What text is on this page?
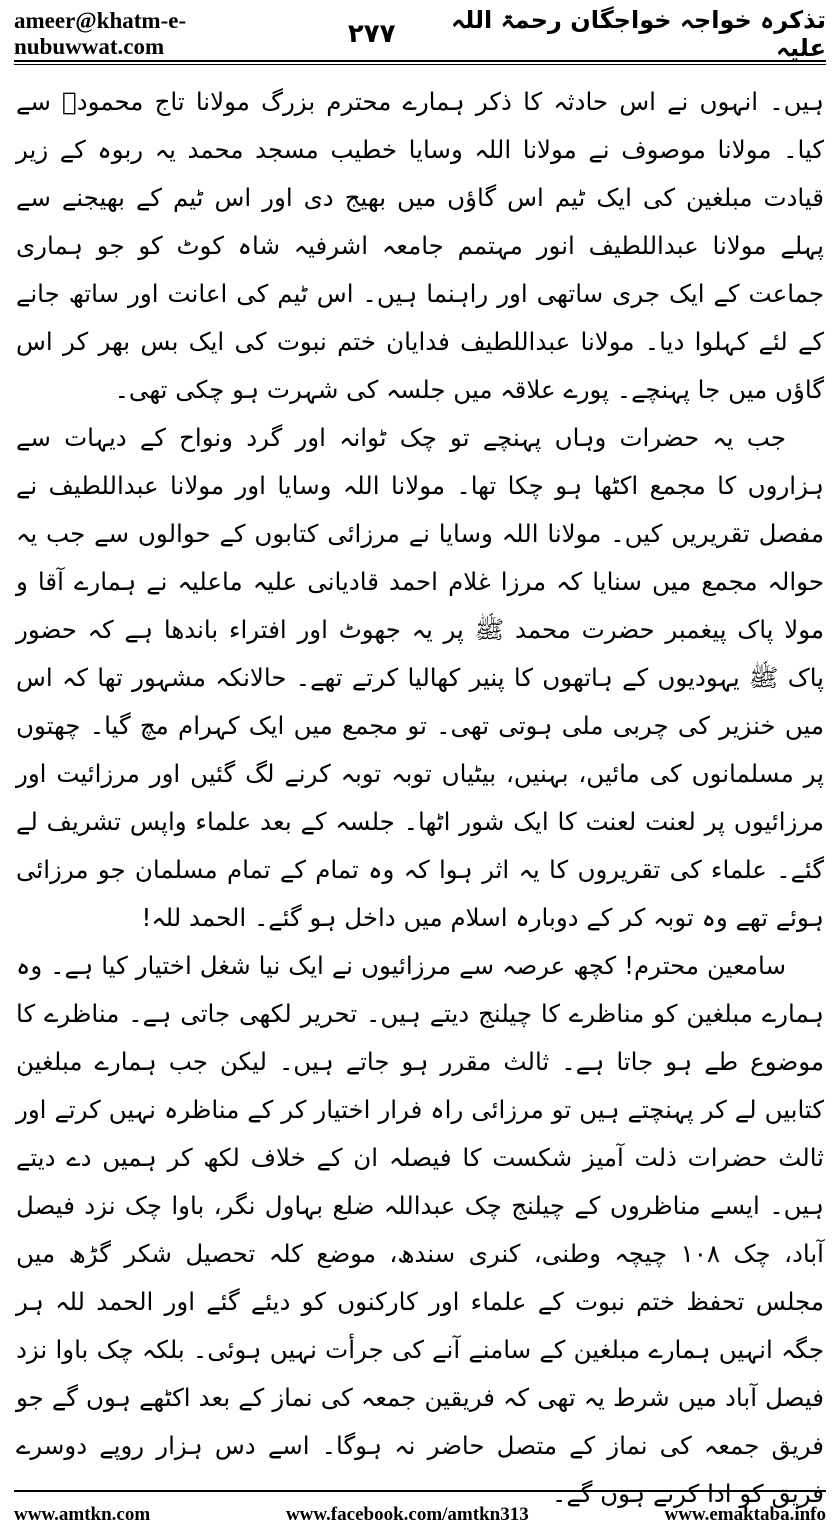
ameer@khatm-e-nubuwwat.com	۲۷۷	تذکرہ خواجہ خواجگان رحمۃ اللہ علیہ

ہیں۔ انہوں نے اس حادثہ کا ذکر ہمارے محترم بزرگ مولانا تاج محمودؒ سے کیا۔ مولانا موصوف نے مولانا اللہ وسایا خطیب مسجد محمد یہ ربوہ کے زیر قیادت مبلغین کی ایک ٹیم اس گاؤں میں بھیج دی اور اس ٹیم کے بھیجنے سے پہلے مولانا عبداللطیف انور مہتمم جامعہ اشرفیہ شاہ کوٹ کو جو ہماری جماعت کے ایک جری ساتھی اور راہنما ہیں۔ اس ٹیم کی اعانت اور ساتھ جانے کے لئے کہلوا دیا۔ مولانا عبداللطیف فدایان ختم نبوت کی ایک بس بھر کر اس گاؤں میں جا پہنچے۔ پورے علاقہ میں جلسہ کی شہرت ہو چکی تھی۔

جب یہ حضرات وہاں پہنچے تو چک ٹوانہ اور گرد ونواح کے دیہات سے ہزاروں کا مجمع اکٹھا ہو چکا تھا۔ مولانا اللہ وسایا اور مولانا عبداللطیف نے مفصل تقریریں کیں۔ مولانا اللہ وسایا نے مرزائی کتابوں کے حوالوں سے جب یہ حوالہ مجمع میں سنایا کہ مرزا غلام احمد قادیانی علیہ ماعلیہ نے ہمارے آقا و مولا پاک پیغمبر حضرت محمد ﷺ پر یہ جھوٹ اور افتراء باندھا ہے کہ حضور پاک ﷺ یہودیوں کے ہاتھوں کا پنیر کھالیا کرتے تھے۔ حالانکہ مشہور تھا کہ اس میں خنزیر کی چربی ملی ہوتی تھی۔ تو مجمع میں ایک کہرام مچ گیا۔ چھتوں پر مسلمانوں کی مائیں، بہنیں، بیٹیاں توبہ توبہ کرنے لگ گئیں اور مرزائیت اور مرزائیوں پر لعنت لعنت کا ایک شور اٹھا۔ جلسہ کے بعد علماء واپس تشریف لے گئے۔ علماء کی تقریروں کا یہ اثر ہوا کہ وہ تمام کے تمام مسلمان جو مرزائی ہوئے تھے وہ توبہ کر کے دوبارہ اسلام میں داخل ہو گئے۔ الحمد للہ!

سامعین محترم! کچھ عرصہ سے مرزائیوں نے ایک نیا شغل اختیار کیا ہے۔ وہ ہمارے مبلغین کو مناظرے کا چیلنج دیتے ہیں۔ تحریر لکھی جاتی ہے۔ مناظرے کا موضوع طے ہو جاتا ہے۔ ثالث مقرر ہو جاتے ہیں۔ لیکن جب ہمارے مبلغین کتابیں لے کر پہنچتے ہیں تو مرزائی راہ فرار اختیار کر کے مناظرہ نہیں کرتے اور ثالث حضرات ذلت آمیز شکست کا فیصلہ ان کے خلاف لکھ کر ہمیں دے دیتے ہیں۔ ایسے مناظروں کے چیلنج چک عبداللہ ضلع بہاول نگر، باوا چک نزد فیصل آباد، چک ۱۰۸ چیچہ وطنی، کنری سندھ، موضع کلہ تحصیل شکر گڑھ میں مجلس تحفظ ختم نبوت کے علماء اور کارکنوں کو دیئے گئے اور الحمد للہ ہر جگہ انہیں ہمارے مبلغین کے سامنے آنے کی جرأت نہیں ہوئی۔ بلکہ چک باوا نزد فیصل آباد میں شرط یہ تھی کہ فریقین جمعہ کی نماز کے بعد اکٹھے ہوں گے جو فریق جمعہ کی نماز کے متصل حاضر نہ ہوگا۔ اسے دس ہزار روپے دوسرے فریق کو ادا کرنے ہوں گے۔

www.amtkn.com	www.facebook.com/amtkn313	www.emaktaba.info
